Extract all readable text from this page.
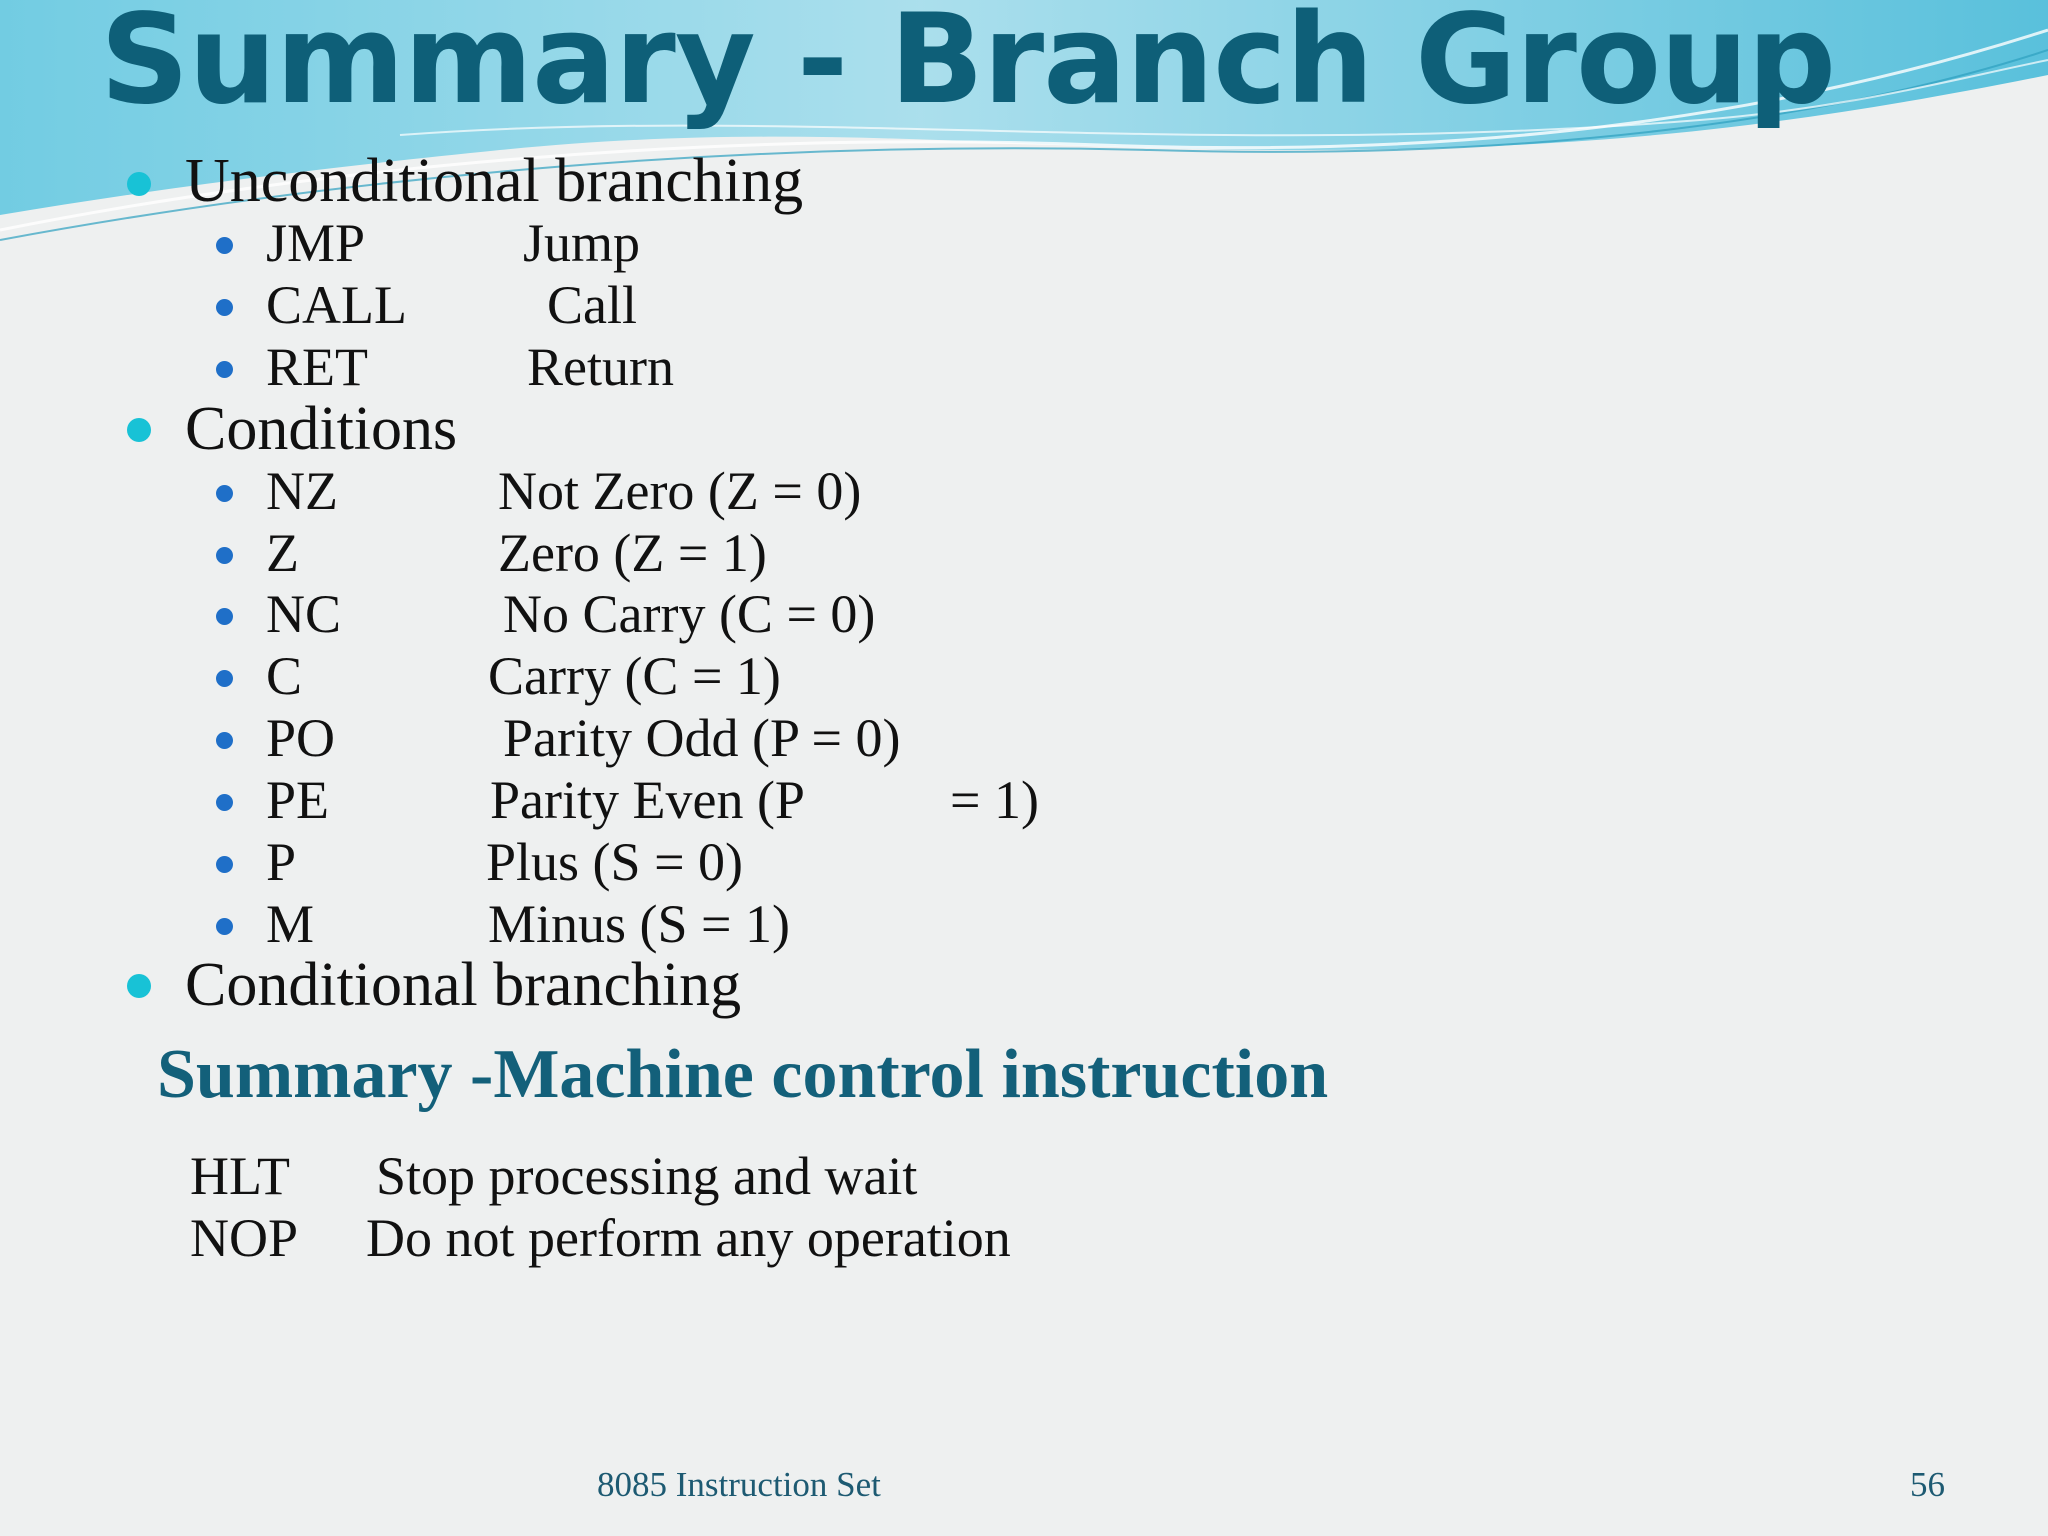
Summary - Branch Group
Unconditional branching
JMP	Jump
CALL	Call
RET	Return
Conditions
NZ	Not Zero (Z = 0)
Z	Zero (Z = 1)
NC	No Carry (C = 0)
C	Carry (C = 1)
PO	Parity Odd (P = 0)
PE	Parity Even (P	= 1)
P	Plus (S = 0)
M	Minus (S = 1)
Conditional branching
Summary -Machine control instruction
HLT Stop processing and wait
NOP Do not perform any operation
8085 Instruction Set	56
